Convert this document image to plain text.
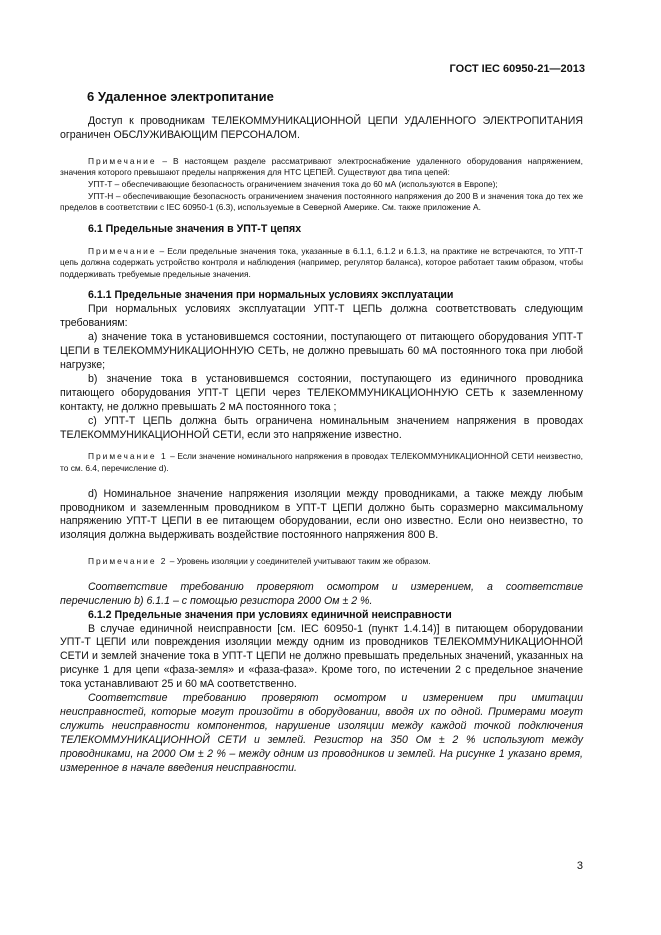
ГОСТ IEC 60950-21—2013
6 Удаленное электропитание

Доступ к проводникам ТЕЛЕКОММУНИКАЦИОННОЙ ЦЕПИ УДАЛЕННОГО ЭЛЕКТРОПИТАНИЯ ограничен ОБСЛУЖИВАЮЩИМ ПЕРСОНАЛОМ.

Примечание – В настоящем разделе рассматривают электроснабжение удаленного оборудования напряжением, значения которого превышают пределы напряжения для НТС ЦЕПЕЙ. Существуют два типа цепей:

УПТ-Т – обеспечивающие безопасность ограничением значения тока до 60 мА (используются в Европе);

УПТ-Н – обеспечивающие безопасность ограничением значения постоянного напряжения до 200 В и значения тока до тех же пределов в соответствии с IEC 60950-1 (6.3), используемые в Северной Америке. См. также приложение А.

6.1 Предельные значения в УПТ-Т цепях

Примечание – Если предельные значения тока, указанные в 6.1.1, 6.1.2 и 6.1.3, на практике не встречаются, то УПТ-Т цепь должна содержать устройство контроля и наблюдения (например, регулятор баланса), которое работает таким образом, чтобы поддерживать требуемые предельные значения.

6.1.1 Предельные значения при нормальных условиях эксплуатации

При нормальных условиях эксплуатации УПТ-Т ЦЕПЬ должна соответствовать следующим требованиям:

а) значение тока в установившемся состоянии, поступающего от питающего оборудования УПТ-Т ЦЕПИ в ТЕЛЕКОММУНИКАЦИОННУЮ СЕТЬ, не должно превышать 60 мА постоянного тока при любой нагрузке;

b) значение тока в установившемся состоянии, поступающего из единичного проводника питающего оборудования УПТ-Т ЦЕПИ через ТЕЛЕКОММУНИКАЦИОННУЮ СЕТЬ к заземленному контакту, не должно превышать 2 мА постоянного тока ;

c) УПТ-Т ЦЕПЬ должна быть ограничена номинальным значением напряжения в проводах ТЕЛЕКОММУНИКАЦИОННОЙ СЕТИ, если это напряжение известно.

Примечание 1 – Если значение номинального напряжения в проводах ТЕЛЕКОММУНИКАЦИОННОЙ СЕТИ неизвестно, то см. 6.4, перечисление d).

d) Номинальное значение напряжения изоляции между проводниками, а также между любым проводником и заземленным проводником в УПТ-Т ЦЕПИ должно быть соразмерно максимальному напряжению УПТ-Т ЦЕПИ в ее питающем оборудовании, если оно известно. Если оно неизвестно, то изоляция должна выдерживать воздействие постоянного напряжения 800 В.

Примечание 2 – Уровень изоляции у соединителей учитывают таким же образом.

Соответствие требованию проверяют осмотром и измерением, а соответствие перечислению b) 6.1.1 – с помощью резистора 2000 Ом ± 2 %.

6.1.2 Предельные значения при условиях единичной неисправности

В случае единичной неисправности [см. IEC 60950-1 (пункт 1.4.14)] в питающем оборудовании УПТ-Т ЦЕПИ или повреждения изоляции между одним из проводников ТЕЛЕКОММУНИКАЦИОННОЙ СЕТИ и землей значение тока в УПТ-Т ЦЕПИ не должно превышать предельных значений, указанных на рисунке 1 для цепи «фаза-земля» и «фаза-фаза». Кроме того, по истечении 2 с предельное значение тока устанавливают 25 и 60 мА соответственно.

Соответствие требованию проверяют осмотром и измерением при имитации неисправностей, которые могут произойти в оборудовании, вводя их по одной. Примерами могут служить неисправности компонентов, нарушение изоляции между каждой точкой подключения ТЕЛЕКОММУНИКАЦИОННОЙ СЕТИ и землей. Резистор на 350 Ом ± 2 % используют между проводниками, на 2000 Ом ± 2 % – между одним из проводников и землей. На рисунке 1 указано время, измеренное в начале введения неисправности.

3
